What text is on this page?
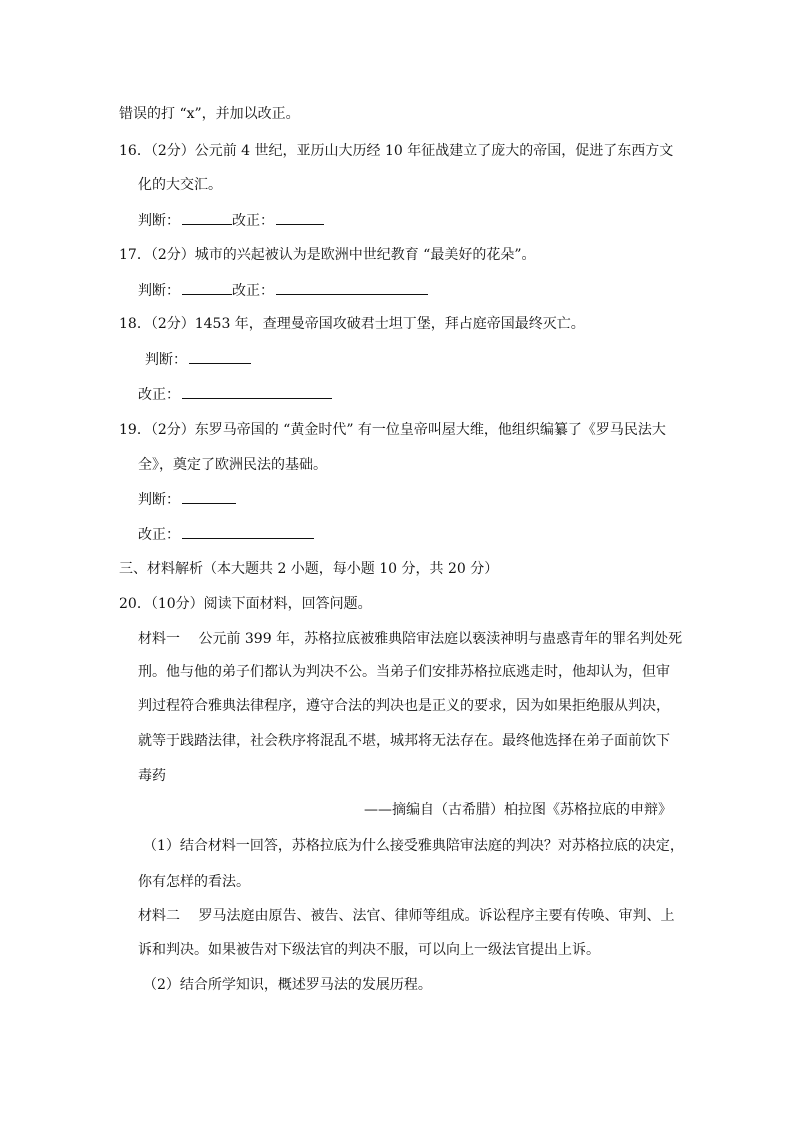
错误的打 “x”，并加以改正。
16．（2分）公元前 4 世纪，亚历山大历经 10 年征战建立了庞大的帝国，促进了东西方文
化的大交汇。
判断：	改正：
17．（2分）城市的兴起被认为是欧洲中世纪教育 “最美好的花朵”。
判断：	改正：
18．（2分）1453 年，查理曼帝国攻破君士坦丁堡，拜占庭帝国最终灭亡。
判断：
改正：
19．（2分）东罗马帝国的 “黄金时代” 有一位皇帝叫屋大维，他组织编纂了《罗马民法大
全》，奠定了欧洲民法的基础。
判断：
改正：
三、材料解析（本大题共 2 小题，每小题 10 分，共 20 分）
20．（10分）阅读下面材料，回答问题。
材料一　 公元前 399 年，苏格拉底被雅典陪审法庭以亵渎神明与蛊惑青年的罪名判处死
刑。他与他的弟子们都认为判决不公。当弟子们安排苏格拉底逃走时，他却认为，但审
判过程符合雅典法律程序，遵守合法的判决也是正义的要求，因为如果拒绝服从判决，
就等于践踏法律，社会秩序将混乱不堪，城邦将无法存在。最终他选择在弟子面前饮下
毒药
——摘编自（古希腊）柏拉图《苏格拉底的申辩》
（1）结合材料一回答，苏格拉底为什么接受雅典陪审法庭的判决？对苏格拉底的决定，
你有怎样的看法。
材料二　 罗马法庭由原告、被告、法官、律师等组成。诉讼程序主要有传唤、审判、上
诉和判决。如果被告对下级法官的判决不服，可以向上一级法官提出上诉。
（2）结合所学知识，概述罗马法的发展历程。
